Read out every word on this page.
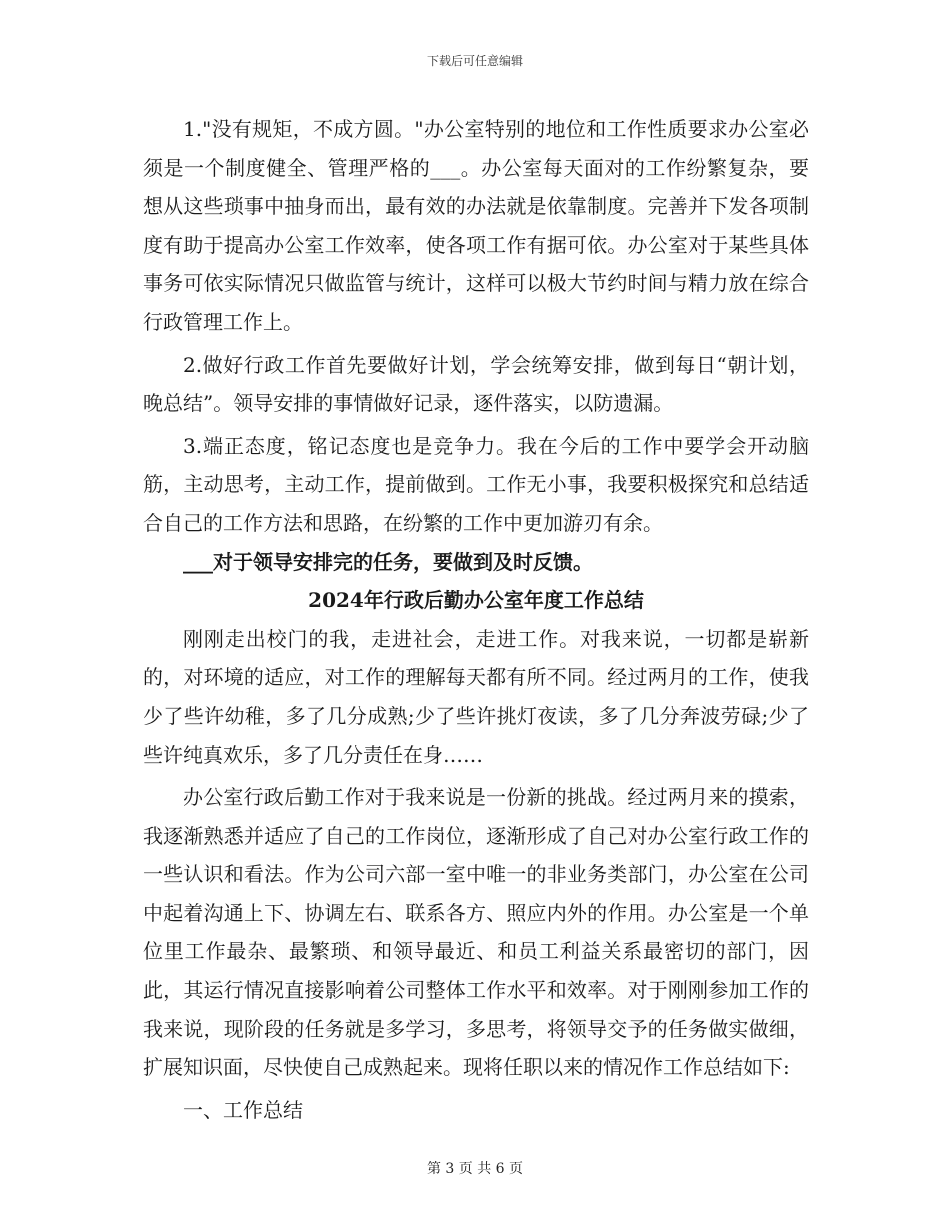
下载后可任意编辑

1."没有规矩，不成方圆。"办公室特别的地位和工作性质要求办公室必须是一个制度健全、管理严格的___。办公室每天面对的工作纷繁复杂，要想从这些琐事中抽身而出，最有效的办法就是依靠制度。完善并下发各项制度有助于提高办公室工作效率，使各项工作有据可依。办公室对于某些具体事务可依实际情况只做监管与统计，这样可以极大节约时间与精力放在综合行政管理工作上。

2.做好行政工作首先要做好计划，学会统筹安排，做到每日“朝计划，晚总结”。领导安排的事情做好记录，逐件落实，以防遗漏。

3.端正态度，铭记态度也是竞争力。我在今后的工作中要学会开动脑筋，主动思考，主动工作，提前做到。工作无小事，我要积极探究和总结适合自己的工作方法和思路，在纷繁的工作中更加游刃有余。

___对于领导安排完的任务，要做到及时反馈。

2024年行政后勤办公室年度工作总结

刚刚走出校门的我，走进社会，走进工作。对我来说，一切都是崭新的，对环境的适应，对工作的理解每天都有所不同。经过两月的工作，使我少了些许幼稚，多了几分成熟;少了些许挑灯夜读，多了几分奔波劳碌;少了些许纯真欢乐，多了几分责任在身……

办公室行政后勤工作对于我来说是一份新的挑战。经过两月来的摸索，我逐渐熟悉并适应了自己的工作岗位，逐渐形成了自己对办公室行政工作的一些认识和看法。作为公司六部一室中唯一的非业务类部门，办公室在公司中起着沟通上下、协调左右、联系各方、照应内外的作用。办公室是一个单位里工作最杂、最繁琐、和领导最近、和员工利益关系最密切的部门，因此，其运行情况直接影响着公司整体工作水平和效率。对于刚刚参加工作的我来说，现阶段的任务就是多学习，多思考，将领导交予的任务做实做细，扩展知识面，尽快使自己成熟起来。现将任职以来的情况作工作总结如下:

一、工作总结

第 3 页 共 6 页
